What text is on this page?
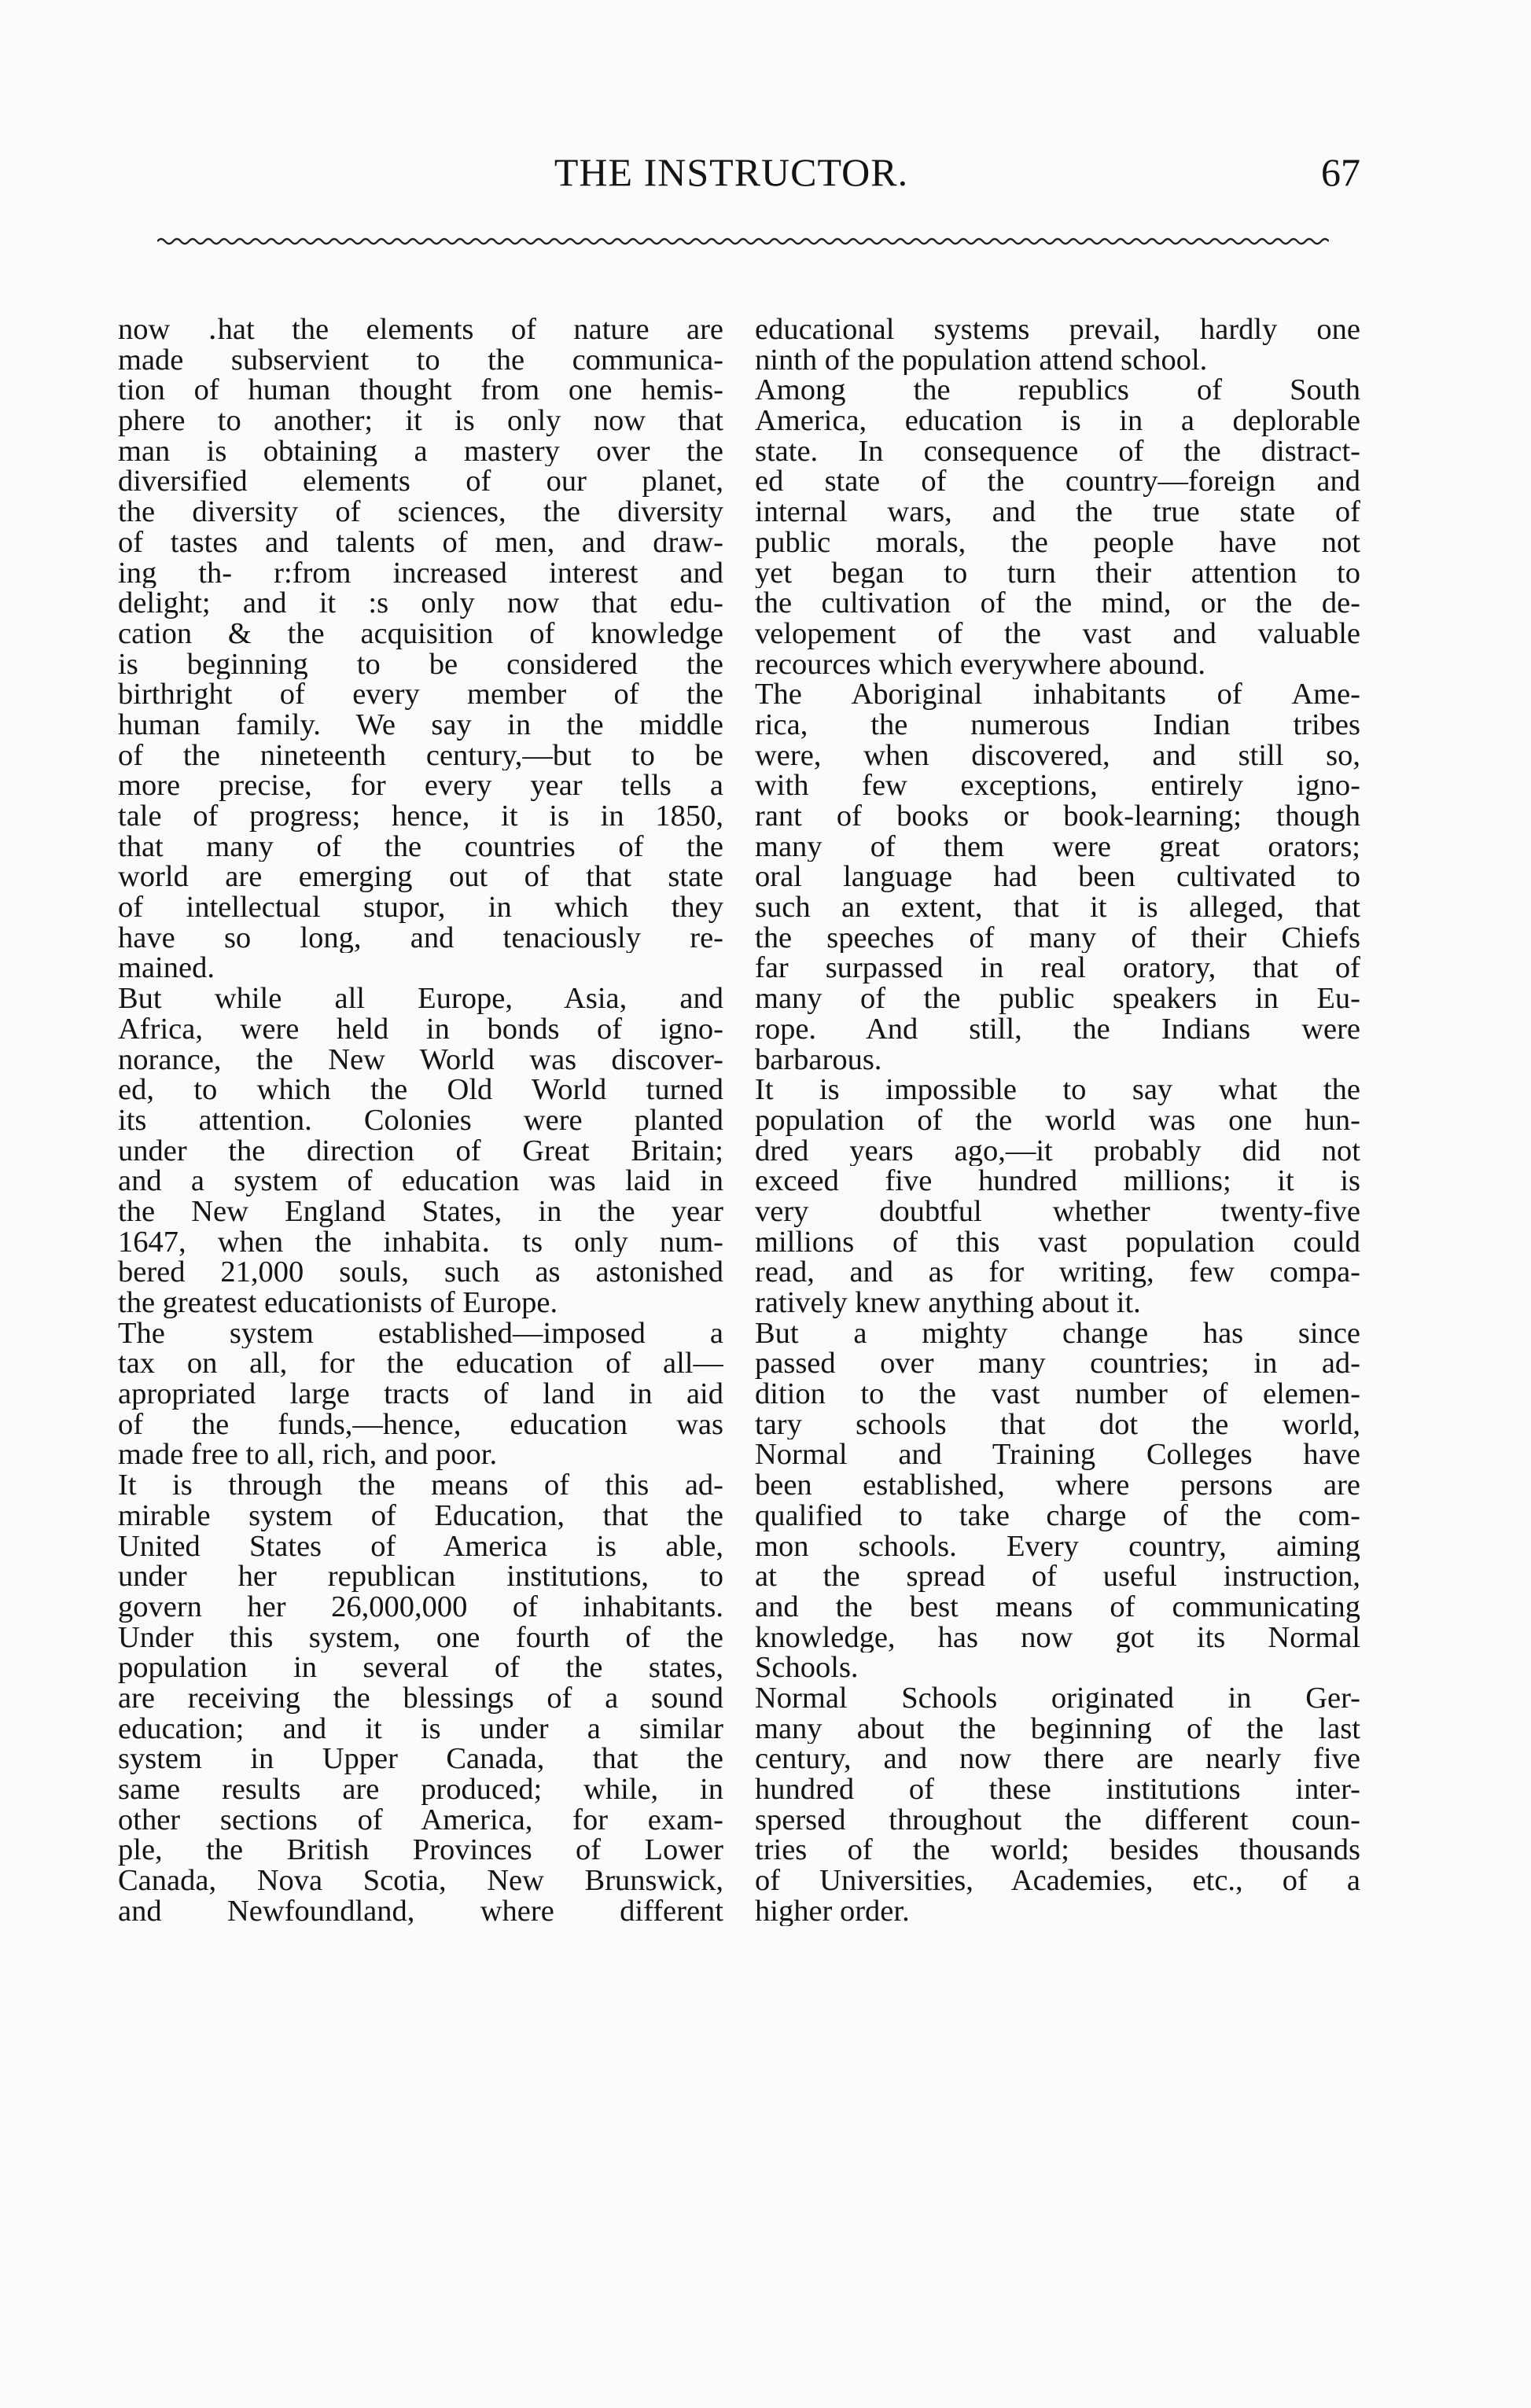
THE INSTRUCTOR.	67
now ․hat the elements of nature are
made subservient to the communica-
tion of human thought from one hemis-
phere to another; it is only now that
man is obtaining a mastery over the
diversified elements of our planet,
the diversity of sciences, the diversity
of tastes and talents of men, and draw-
ing th- r:from increased interest and
delight; and it :s only now that edu-
cation & the acquisition of knowledge
is beginning to be considered the
birthright of every member of the
human family. We say in the middle
of the nineteenth century,—but to be
more precise, for every year tells a
tale of progress; hence, it is in 1850,
that many of the countries of the
world are emerging out of that state
of intellectual stupor, in which they
have so long, and tenaciously re-
mained.
But while all Europe, Asia, and
Africa, were held in bonds of igno-
norance, the New World was discover-
ed, to which the Old World turned
its attention. Colonies were planted
under the direction of Great Britain;
and a system of education was laid in
the New England States, in the year
1647, when the inhabita․ ts only num-
bered 21,000 souls, such as astonished
the greatest educationists of Europe.
The system established—imposed a
tax on all, for the education of all—
apropriated large tracts of land in aid
of the funds,—hence, education was
made free to all, rich, and poor.
It is through the means of this ad-
mirable system of Education, that the
United States of America is able,
under her republican institutions, to
govern her 26,000,000 of inhabitants.
Under this system, one fourth of the
population in several of the states,
are receiving the blessings of a sound
education; and it is under a similar
system in Upper Canada, that the
same results are produced; while, in
other sections of America, for exam-
ple, the British Provinces of Lower
Canada, Nova Scotia, New Brunswick,
and Newfoundland, where different
educational systems prevail, hardly one
ninth of the population attend school.
Among the republics of South
America, education is in a deplorable
state. In consequence of the distract-
ed state of the country—foreign and
internal wars, and the true state of
public morals, the people have not
yet began to turn their attention to
the cultivation of the mind, or the de-
velopement of the vast and valuable
recources which everywhere abound.
The Aboriginal inhabitants of Ame-
rica, the numerous Indian tribes
were, when discovered, and still so,
with few exceptions, entirely igno-
rant of books or book-learning; though
many of them were great orators;
oral language had been cultivated to
such an extent, that it is alleged, that
the speeches of many of their Chiefs
far surpassed in real oratory, that of
many of the public speakers in Eu-
rope. And still, the Indians were
barbarous.
It is impossible to say what the
population of the world was one hun-
dred years ago,—it probably did not
exceed five hundred millions; it is
very doubtful whether twenty-five
millions of this vast population could
read, and as for writing, few compa-
ratively knew anything about it.
But a mighty change has since
passed over many countries; in ad-
dition to the vast number of elemen-
tary schools that dot the world,
Normal and Training Colleges have
been established, where persons are
qualified to take charge of the com-
mon schools. Every country, aiming
at the spread of useful instruction,
and the best means of communicating
knowledge, has now got its Normal
Schools.
Normal Schools originated in Ger-
many about the beginning of the last
century, and now there are nearly five
hundred of these institutions inter-
spersed throughout the different coun-
tries of the world; besides thousands
of Universities, Academies, etc., of a
higher order.
